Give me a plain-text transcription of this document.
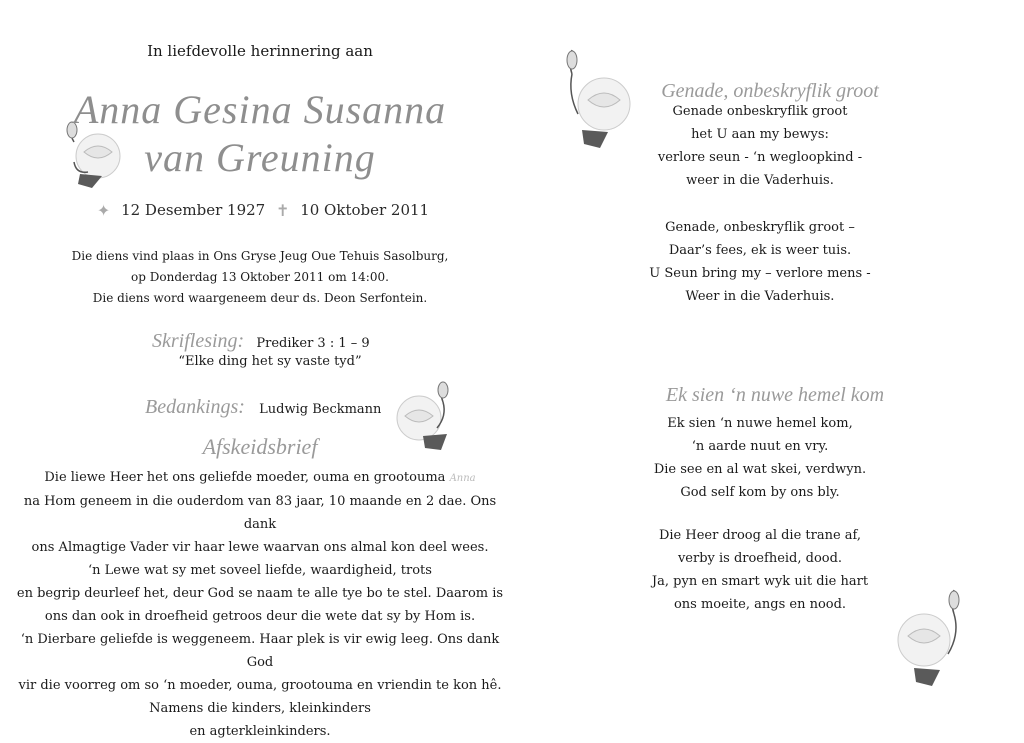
In liefdevolle herinnering aan
Anna Gesina Susanna
van Greuning
✦ 12 Desember 1927 ✝ 10 Oktober 2011
Die diens vind plaas in Ons Gryse Jeug Oue Tehuis Sasolburg,
op Donderdag 13 Oktober 2011 om 14:00.
Die diens word waargeneem deur ds. Deon Serfontein.
Skriflesing: Prediker 3 : 1 – 9
“Elke ding het sy vaste tyd”
Bedankings: Ludwig Beckmann
Afskeidsbrief
Die liewe Heer het ons geliefde moeder, ouma en grootouma Anna
na Hom geneem in die ouderdom van 83 jaar, 10 maande en 2 dae. Ons dank
ons Almagtige Vader vir haar lewe waarvan ons almal kon deel wees.
‘n Lewe wat sy met soveel liefde, waardigheid, trots
en begrip deurleef het, deur God se naam te alle tye bo te stel. Daarom is
ons dan ook in droefheid getroos deur die wete dat sy by Hom is.
‘n Dierbare geliefde is weggeneem. Haar plek is vir ewig leeg. Ons dank God
vir die voorreg om so ‘n moeder, ouma, grootouma en vriendin te kon hê.
Namens die kinders, kleinkinders
en agterkleinkinders.
Genade, onbeskryflik groot
Genade onbeskryflik groot
het U aan my bewys:
verlore seun - ‘n wegloopkind -
weer in die Vaderhuis.
Genade, onbeskryflik groot –
Daar’s fees, ek is weer tuis.
U Seun bring my – verlore mens -
Weer in die Vaderhuis.
Ek sien ‘n nuwe hemel kom
Ek sien ‘n nuwe hemel kom,
‘n aarde nuut en vry.
Die see en al wat skei, verdwyn.
God self kom by ons bly.
Die Heer droog al die trane af,
verby is droefheid, dood.
Ja, pyn en smart wyk uit die hart
ons moeite, angs en nood.
